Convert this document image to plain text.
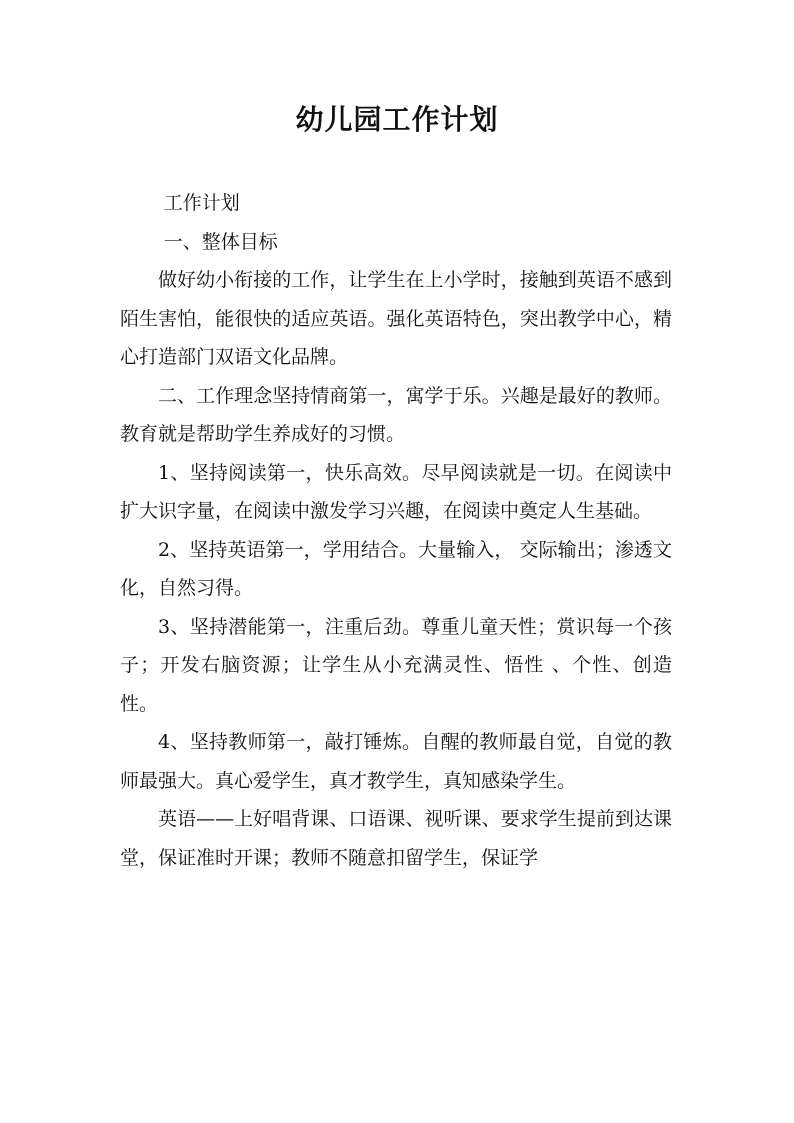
幼儿园工作计划

工作计划

一、整体目标

做好幼小衔接的工作，让学生在上小学时，接触到英语不感到陌生害怕，能很快的适应英语。强化英语特色，突出教学中心，精心打造部门双语文化品牌。

二、工作理念坚持情商第一，寓学于乐。兴趣是最好的教师。教育就是帮助学生养成好的习惯。

1、坚持阅读第一，快乐高效。尽早阅读就是一切。在阅读中扩大识字量，在阅读中激发学习兴趣，在阅读中奠定人生基础。

2、坚持英语第一，学用结合。大量输入， 交际输出；渗透文化，自然习得。

3、坚持潜能第一，注重后劲。尊重儿童天性；赏识每一个孩子；开发右脑资源；让学生从小充满灵性、悟性 、个性、创造性。

4、坚持教师第一，敲打锤炼。自醒的教师最自觉，自觉的教师最强大。真心爱学生，真才教学生，真知感染学生。

英语——上好唱背课、口语课、视听课、要求学生提前到达课堂，保证准时开课；教师不随意扣留学生，保证学
